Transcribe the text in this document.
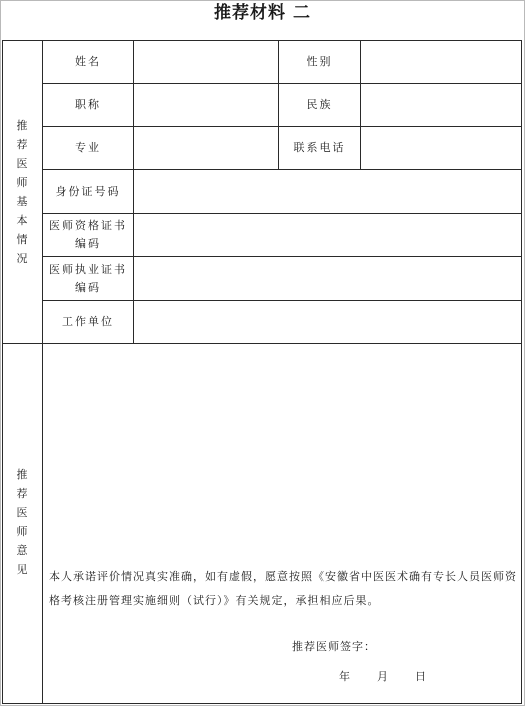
推荐材料 二
推荐医师基本情况
推荐医师意见
姓名	性别
职称	民族
专业	联系电话
身份证号码
医师资格证书编码
医师执业证书编码
工作单位
本人承诺评价情况真实准确，如有虚假，愿意按照《安徽省中医医术确有专长人员医师资格考核注册管理实施细则（试行）》有关规定，承担相应后果。
推荐医师签字：
年 月 日
